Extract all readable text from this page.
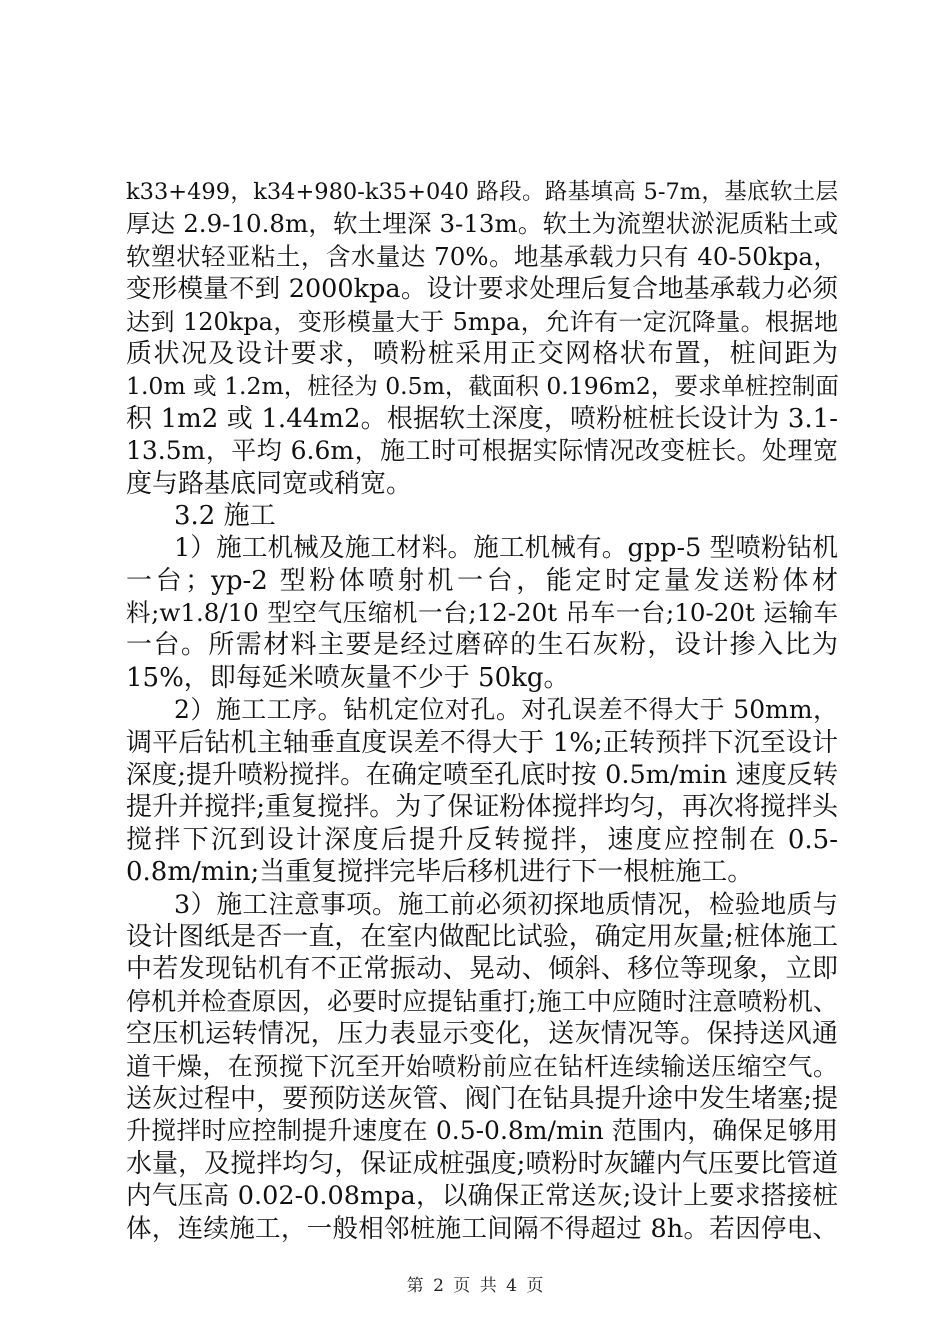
k33+499，k34+980-k35+040 路段。路基填高 5-7m，基底软土层
厚达 2.9-10.8m，软土埋深 3-13m。软土为流塑状淤泥质粘土或
软塑状轻亚粘土，含水量达 70%。地基承载力只有 40-50kpa，
变形模量不到 2000kpa。设计要求处理后复合地基承载力必须
达到 120kpa，变形模量大于 5mpa，允许有一定沉降量。根据地
质状况及设计要求，喷粉桩采用正交网格状布置，桩间距为
1.0m 或 1.2m，桩径为 0.5m，截面积 0.196m2，要求单桩控制面
积 1m2 或 1.44m2。根据软土深度，喷粉桩桩长设计为 3.1-
13.5m，平均 6.6m，施工时可根据实际情况改变桩长。处理宽
度与路基底同宽或稍宽。
3.2 施工
1）施工机械及施工材料。施工机械有。gpp-5 型喷粉钻机
一台；yp-2 型粉体喷射机一台，能定时定量发送粉体材
料;w1.8/10 型空气压缩机一台;12-20t 吊车一台;10-20t 运输车
一台。所需材料主要是经过磨碎的生石灰粉，设计掺入比为
15%，即每延米喷灰量不少于 50kg。
2）施工工序。钻机定位对孔。对孔误差不得大于 50mm，
调平后钻机主轴垂直度误差不得大于 1%;正转预拌下沉至设计
深度;提升喷粉搅拌。在确定喷至孔底时按 0.5m/min 速度反转
提升并搅拌;重复搅拌。为了保证粉体搅拌均匀，再次将搅拌头
搅拌下沉到设计深度后提升反转搅拌，速度应控制在 0.5-
0.8m/min;当重复搅拌完毕后移机进行下一根桩施工。
3）施工注意事项。施工前必须初探地质情况，检验地质与
设计图纸是否一直，在室内做配比试验，确定用灰量;桩体施工
中若发现钻机有不正常振动、晃动、倾斜、移位等现象，立即
停机并检查原因，必要时应提钻重打;施工中应随时注意喷粉机、
空压机运转情况，压力表显示变化，送灰情况等。保持送风通
道干燥，在预搅下沉至开始喷粉前应在钻杆连续输送压缩空气。
送灰过程中，要预防送灰管、阀门在钻具提升途中发生堵塞;提
升搅拌时应控制提升速度在 0.5-0.8m/min 范围内，确保足够用
水量，及搅拌均匀，保证成桩强度;喷粉时灰罐内气压要比管道
内气压高 0.02-0.08mpa，以确保正常送灰;设计上要求搭接桩
体，连续施工，一般相邻桩施工间隔不得超过 8h。若因停电、
第 2 页 共 4 页
